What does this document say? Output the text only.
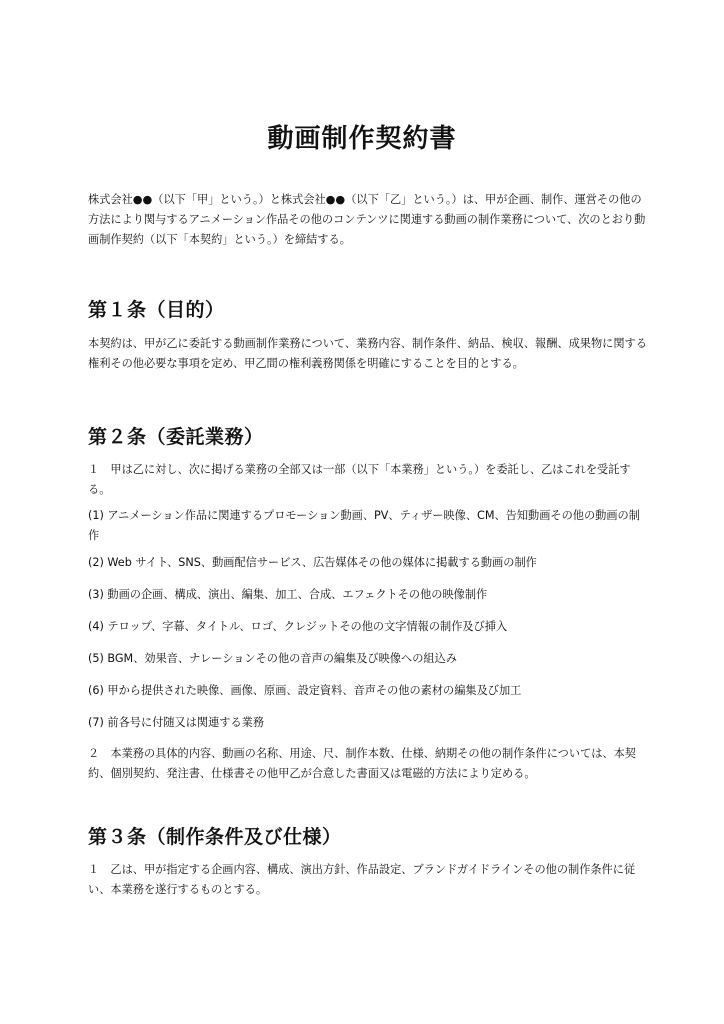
動画制作契約書

株式会社●●（以下「甲」という。）と株式会社●●（以下「乙」という。）は、甲が企画、制作、運営その他の方法により関与するアニメーション作品その他のコンテンツに関連する動画の制作業務について、次のとおり動画制作契約（以下「本契約」という。）を締結する。

第１条（目的）

本契約は、甲が乙に委託する動画制作業務について、業務内容、制作条件、納品、検収、報酬、成果物に関する権利その他必要な事項を定め、甲乙間の権利義務関係を明確にすることを目的とする。

第２条（委託業務）

１　甲は乙に対し、次に掲げる業務の全部又は一部（以下「本業務」という。）を委託し、乙はこれを受託する。

(1) アニメーション作品に関連するプロモーション動画、PV、ティザー映像、CM、告知動画その他の動画の制作

(2) Web サイト、SNS、動画配信サービス、広告媒体その他の媒体に掲載する動画の制作

(3) 動画の企画、構成、演出、編集、加工、合成、エフェクトその他の映像制作

(4) テロップ、字幕、タイトル、ロゴ、クレジットその他の文字情報の制作及び挿入

(5) BGM、効果音、ナレーションその他の音声の編集及び映像への組込み

(6) 甲から提供された映像、画像、原画、設定資料、音声その他の素材の編集及び加工

(7) 前各号に付随又は関連する業務

２　本業務の具体的内容、動画の名称、用途、尺、制作本数、仕様、納期その他の制作条件については、本契約、個別契約、発注書、仕様書その他甲乙が合意した書面又は電磁的方法により定める。

第３条（制作条件及び仕様）

１　乙は、甲が指定する企画内容、構成、演出方針、作品設定、ブランドガイドラインその他の制作条件に従い、本業務を遂行するものとする。
